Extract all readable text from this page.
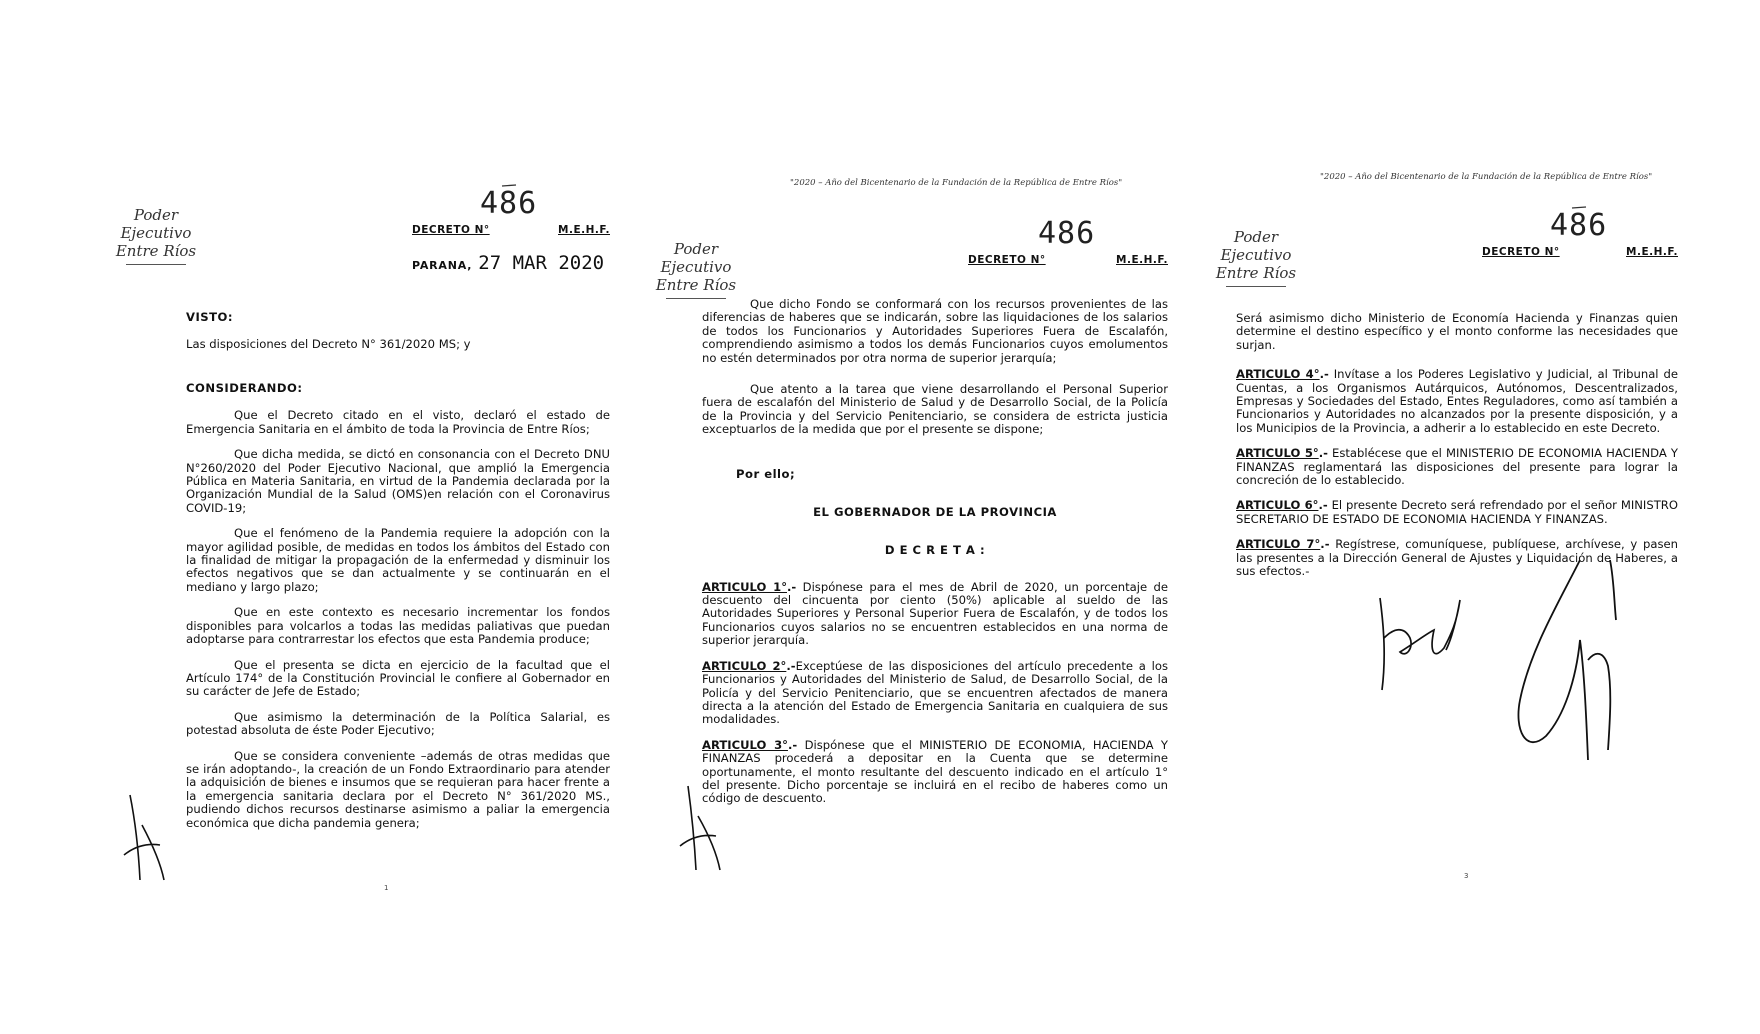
Poder Ejecutivo
Entre Ríos
486
DECRETO N°	M.E.H.F.
PARANA, 27 MAR 2020
VISTO:

Las disposiciones del Decreto N° 361/2020 MS; y

CONSIDERANDO:

Que el Decreto citado en el visto, declaró el estado de Emergencia Sanitaria en el ámbito de toda la Provincia de Entre Ríos;

Que dicha medida, se dictó en consonancia con el Decreto DNU N°260/2020 del Poder Ejecutivo Nacional, que amplió la Emergencia Pública en Materia Sanitaria, en virtud de la Pandemia declarada por la Organización Mundial de la Salud (OMS)en relación con el Coronavirus COVID-19;

Que el fenómeno de la Pandemia requiere la adopción con la mayor agilidad posible, de medidas en todos los ámbitos del Estado con la finalidad de mitigar la propagación de la enfermedad y disminuir los efectos negativos que se dan actualmente y se continuarán en el mediano y largo plazo;

Que en este contexto es necesario incrementar los fondos disponibles para volcarlos a todas las medidas paliativas que puedan adoptarse para contrarrestar los efectos que esta Pandemia produce;

Que el presenta se dicta en ejercicio de la facultad que el Artículo 174° de la Constitución Provincial le confiere al Gobernador en su carácter de Jefe de Estado;

Que asimismo la determinación de la Política Salarial, es potestad absoluta de éste Poder Ejecutivo;

Que se considera conveniente –además de otras medidas que se irán adoptando-, la creación de un Fondo Extraordinario para atender la adquisición de bienes e insumos que se requieran para hacer frente a la emergencia sanitaria declara por el Decreto N° 361/2020 MS., pudiendo dichos recursos destinarse asimismo a paliar la emergencia económica que dicha pandemia genera;

1
"2020 – Año del Bicentenario de la Fundación de la República de Entre Ríos"
Poder Ejecutivo
Entre Ríos
486
DECRETO N°	M.E.H.F.

Que dicho Fondo se conformará con los recursos provenientes de las diferencias de haberes que se indicarán, sobre las liquidaciones de los salarios de todos los Funcionarios y Autoridades Superiores Fuera de Escalafón, comprendiendo asimismo a todos los demás Funcionarios cuyos emolumentos no estén determinados por otra norma de superior jerarquía;

Que atento a la tarea que viene desarrollando el Personal Superior fuera de escalafón del Ministerio de Salud y de Desarrollo Social, de la Policía de la Provincia y del Servicio Penitenciario, se considera de estricta justicia exceptuarlos de la medida que por el presente se dispone;

Por ello;
EL GOBERNADOR DE LA PROVINCIA
D E C R E T A :

ARTICULO 1°.- Dispónese para el mes de Abril de 2020, un porcentaje de descuento del cincuenta por ciento (50%) aplicable al sueldo de las Autoridades Superiores y Personal Superior Fuera de Escalafón, y de todos los Funcionarios cuyos salarios no se encuentren establecidos en una norma de superior jerarquía.

ARTICULO 2°.-Exceptúese de las disposiciones del artículo precedente a los Funcionarios y Autoridades del Ministerio de Salud, de Desarrollo Social, de la Policía y del Servicio Penitenciario, que se encuentren afectados de manera directa a la atención del Estado de Emergencia Sanitaria en cualquiera de sus modalidades.

ARTICULO 3°.- Dispónese que el MINISTERIO DE ECONOMIA, HACIENDA Y FINANZAS procederá a depositar en la Cuenta que se determine oportunamente, el monto resultante del descuento indicado en el artículo 1° del presente. Dicho porcentaje se incluirá en el recibo de haberes como un código de descuento.

"2020 – Año del Bicentenario de la Fundación de la República de Entre Ríos"
Poder Ejecutivo
Entre Ríos
486
DECRETO N°	M.E.H.F.

Será asimismo dicho Ministerio de Economía Hacienda y Finanzas quien determine el destino específico y el monto conforme las necesidades que surjan.

ARTICULO 4°.- Invítase a los Poderes Legislativo y Judicial, al Tribunal de Cuentas, a los Organismos Autárquicos, Autónomos, Descentralizados, Empresas y Sociedades del Estado, Entes Reguladores, como así también a Funcionarios y Autoridades no alcanzados por la presente disposición, y a los Municipios de la Provincia, a adherir a lo establecido en este Decreto.

ARTICULO 5°.- Establécese que el MINISTERIO DE ECONOMIA HACIENDA Y FINANZAS reglamentará las disposiciones del presente para lograr la concreción de lo establecido.

ARTICULO 6°.- El presente Decreto será refrendado por el señor MINISTRO SECRETARIO DE ESTADO DE ECONOMIA HACIENDA Y FINANZAS.

ARTICULO 7°.- Regístrese, comuníquese, publíquese, archívese, y pasen las presentes a la Dirección General de Ajustes y Liquidación de Haberes, a sus efectos.-

3
